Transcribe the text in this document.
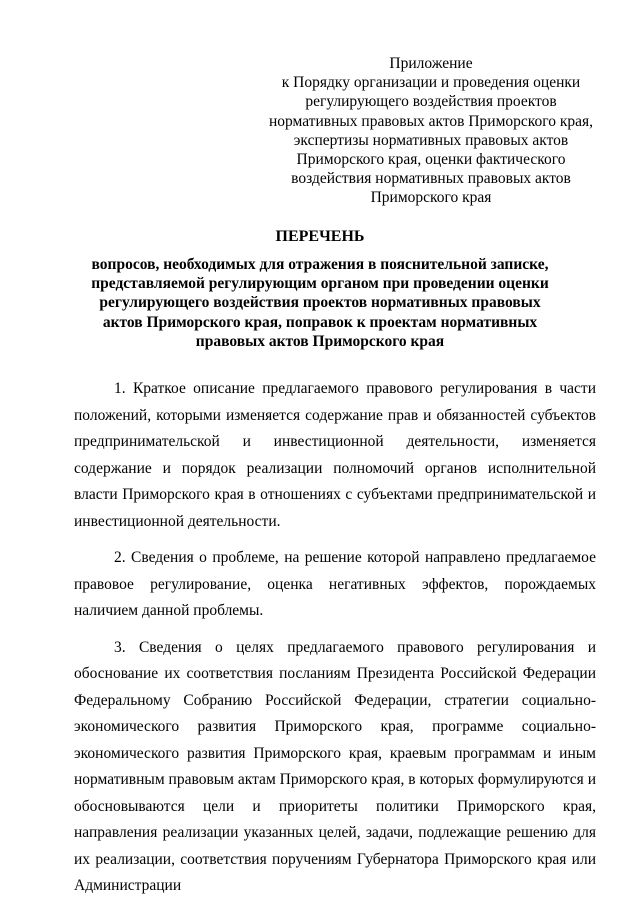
Приложение
к Порядку организации и проведения оценки
регулирующего воздействия проектов
нормативных правовых актов Приморского края,
экспертизы нормативных правовых актов
Приморского края, оценки фактического
воздействия нормативных правовых актов
Приморского края
ПЕРЕЧЕНЬ
вопросов, необходимых для отражения в пояснительной записке,
представляемой регулирующим органом при проведении оценки
регулирующего воздействия проектов нормативных правовых
актов Приморского края, поправок к проектам нормативных
правовых актов Приморского края

1. Краткое описание предлагаемого правового регулирования в части положений, которыми изменяется содержание прав и обязанностей субъектов предпринимательской и инвестиционной деятельности, изменяется содержание и порядок реализации полномочий органов исполнительной власти Приморского края в отношениях с субъектами предпринимательской и инвестиционной деятельности.

2. Сведения о проблеме, на решение которой направлено предлагаемое правовое регулирование, оценка негативных эффектов, порождаемых наличием данной проблемы.

3. Сведения о целях предлагаемого правового регулирования и обоснование их соответствия посланиям Президента Российской Федерации Федеральному Собранию Российской Федерации, стратегии социально-экономического развития Приморского края, программе социально-экономического развития Приморского края, краевым программам и иным нормативным правовым актам Приморского края, в которых формулируются и обосновываются цели и приоритеты политики Приморского края, направления реализации указанных целей, задачи, подлежащие решению для их реализации, соответствия поручениям Губернатора Приморского края или Администрации
